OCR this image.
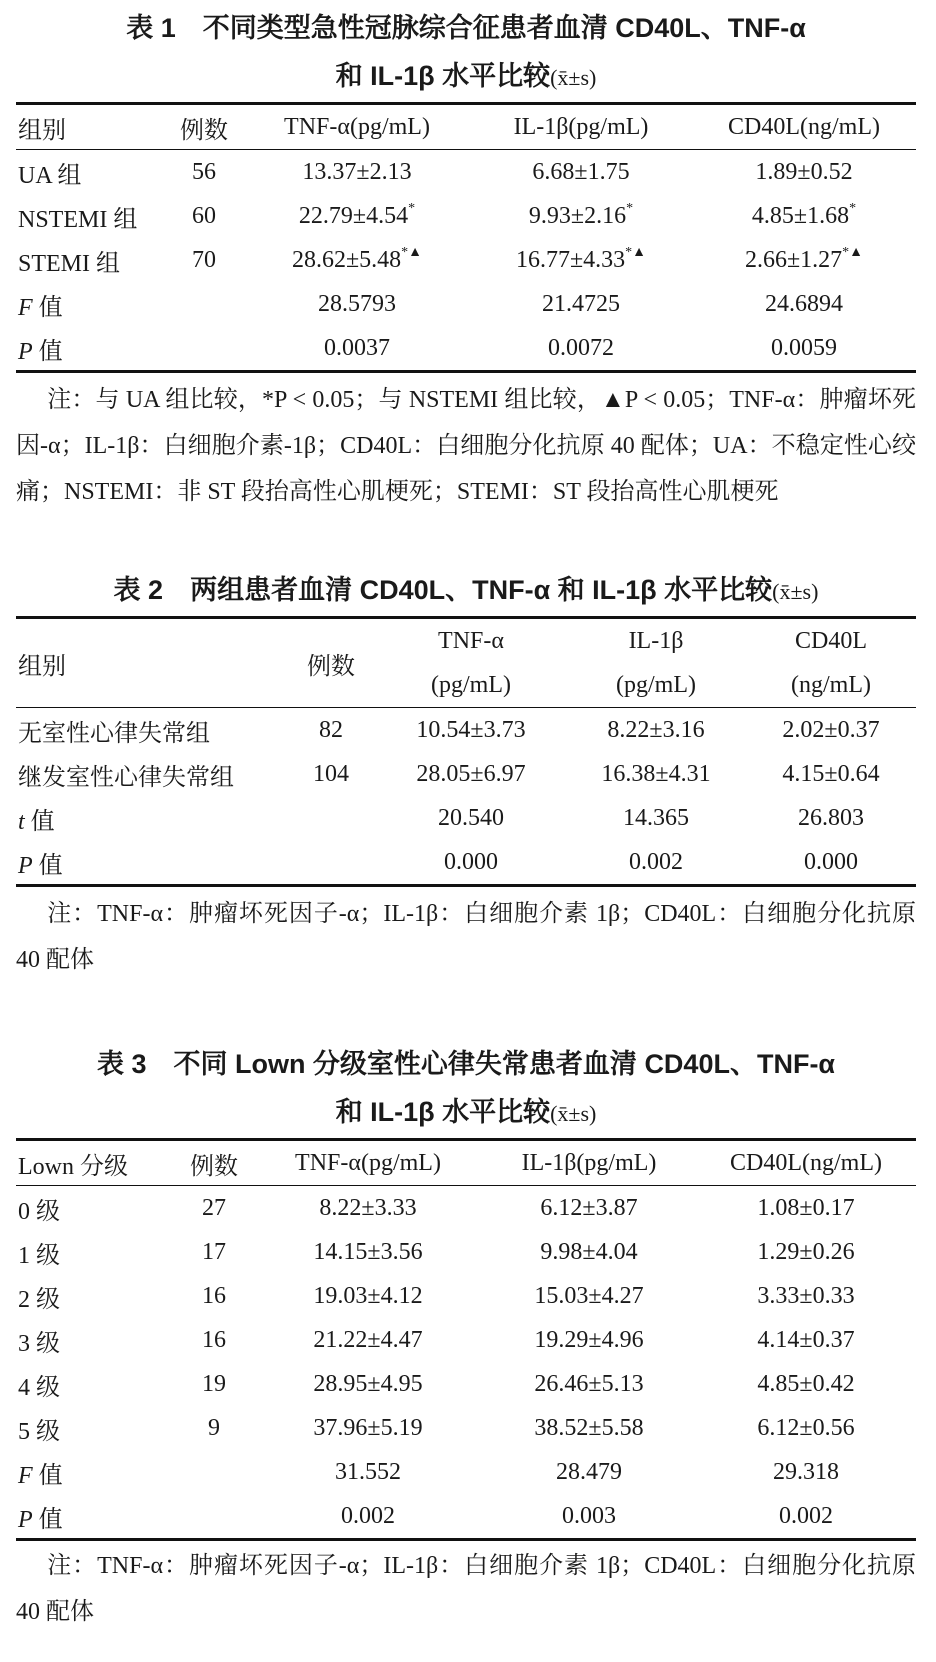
表 1　不同类型急性冠脉综合征患者血清 CD40L、TNF-α
和 IL-1β 水平比较(x̄±s)
组别	例数	TNF-α(pg/mL)	IL-1β(pg/mL)	CD40L(ng/mL)
UA 组	56	13.37±2.13	6.68±1.75	1.89±0.52
NSTEMI 组	60	22.79±4.54*	9.93±2.16*	4.85±1.68*
STEMI 组	70	28.62±5.48*▲	16.77±4.33*▲	2.66±1.27*▲
F 值		28.5793	21.4725	24.6894
P 值		0.0037	0.0072	0.0059
注：与 UA 组比较，*P < 0.05；与 NSTEMI 组比较，▲P < 0.05；TNF-α：肿瘤坏死因-α；IL-1β：白细胞介素-1β；CD40L：白细胞分化抗原 40 配体；UA：不稳定性心绞痛；NSTEMI：非 ST 段抬高性心肌梗死；STEMI：ST 段抬高性心肌梗死
表 2　两组患者血清 CD40L、TNF-α 和 IL-1β 水平比较(x̄±s)
组别	例数	TNF-α	IL-1β	CD40L
		(pg/mL)	(pg/mL)	(ng/mL)
无室性心律失常组	82	10.54±3.73	8.22±3.16	2.02±0.37
继发室性心律失常组	104	28.05±6.97	16.38±4.31	4.15±0.64
t 值		20.540	14.365	26.803
P 值		0.000	0.002	0.000
注：TNF-α：肿瘤坏死因子-α；IL-1β：白细胞介素 1β；CD40L：白细胞分化抗原 40 配体
表 3　不同 Lown 分级室性心律失常患者血清 CD40L、TNF-α
和 IL-1β 水平比较(x̄±s)
Lown 分级	例数	TNF-α(pg/mL)	IL-1β(pg/mL)	CD40L(ng/mL)
0 级	27	8.22±3.33	6.12±3.87	1.08±0.17
1 级	17	14.15±3.56	9.98±4.04	1.29±0.26
2 级	16	19.03±4.12	15.03±4.27	3.33±0.33
3 级	16	21.22±4.47	19.29±4.96	4.14±0.37
4 级	19	28.95±4.95	26.46±5.13	4.85±0.42
5 级	9	37.96±5.19	38.52±5.58	6.12±0.56
F 值		31.552	28.479	29.318
P 值		0.002	0.003	0.002
注：TNF-α：肿瘤坏死因子-α；IL-1β：白细胞介素 1β；CD40L：白细胞分化抗原 40 配体
